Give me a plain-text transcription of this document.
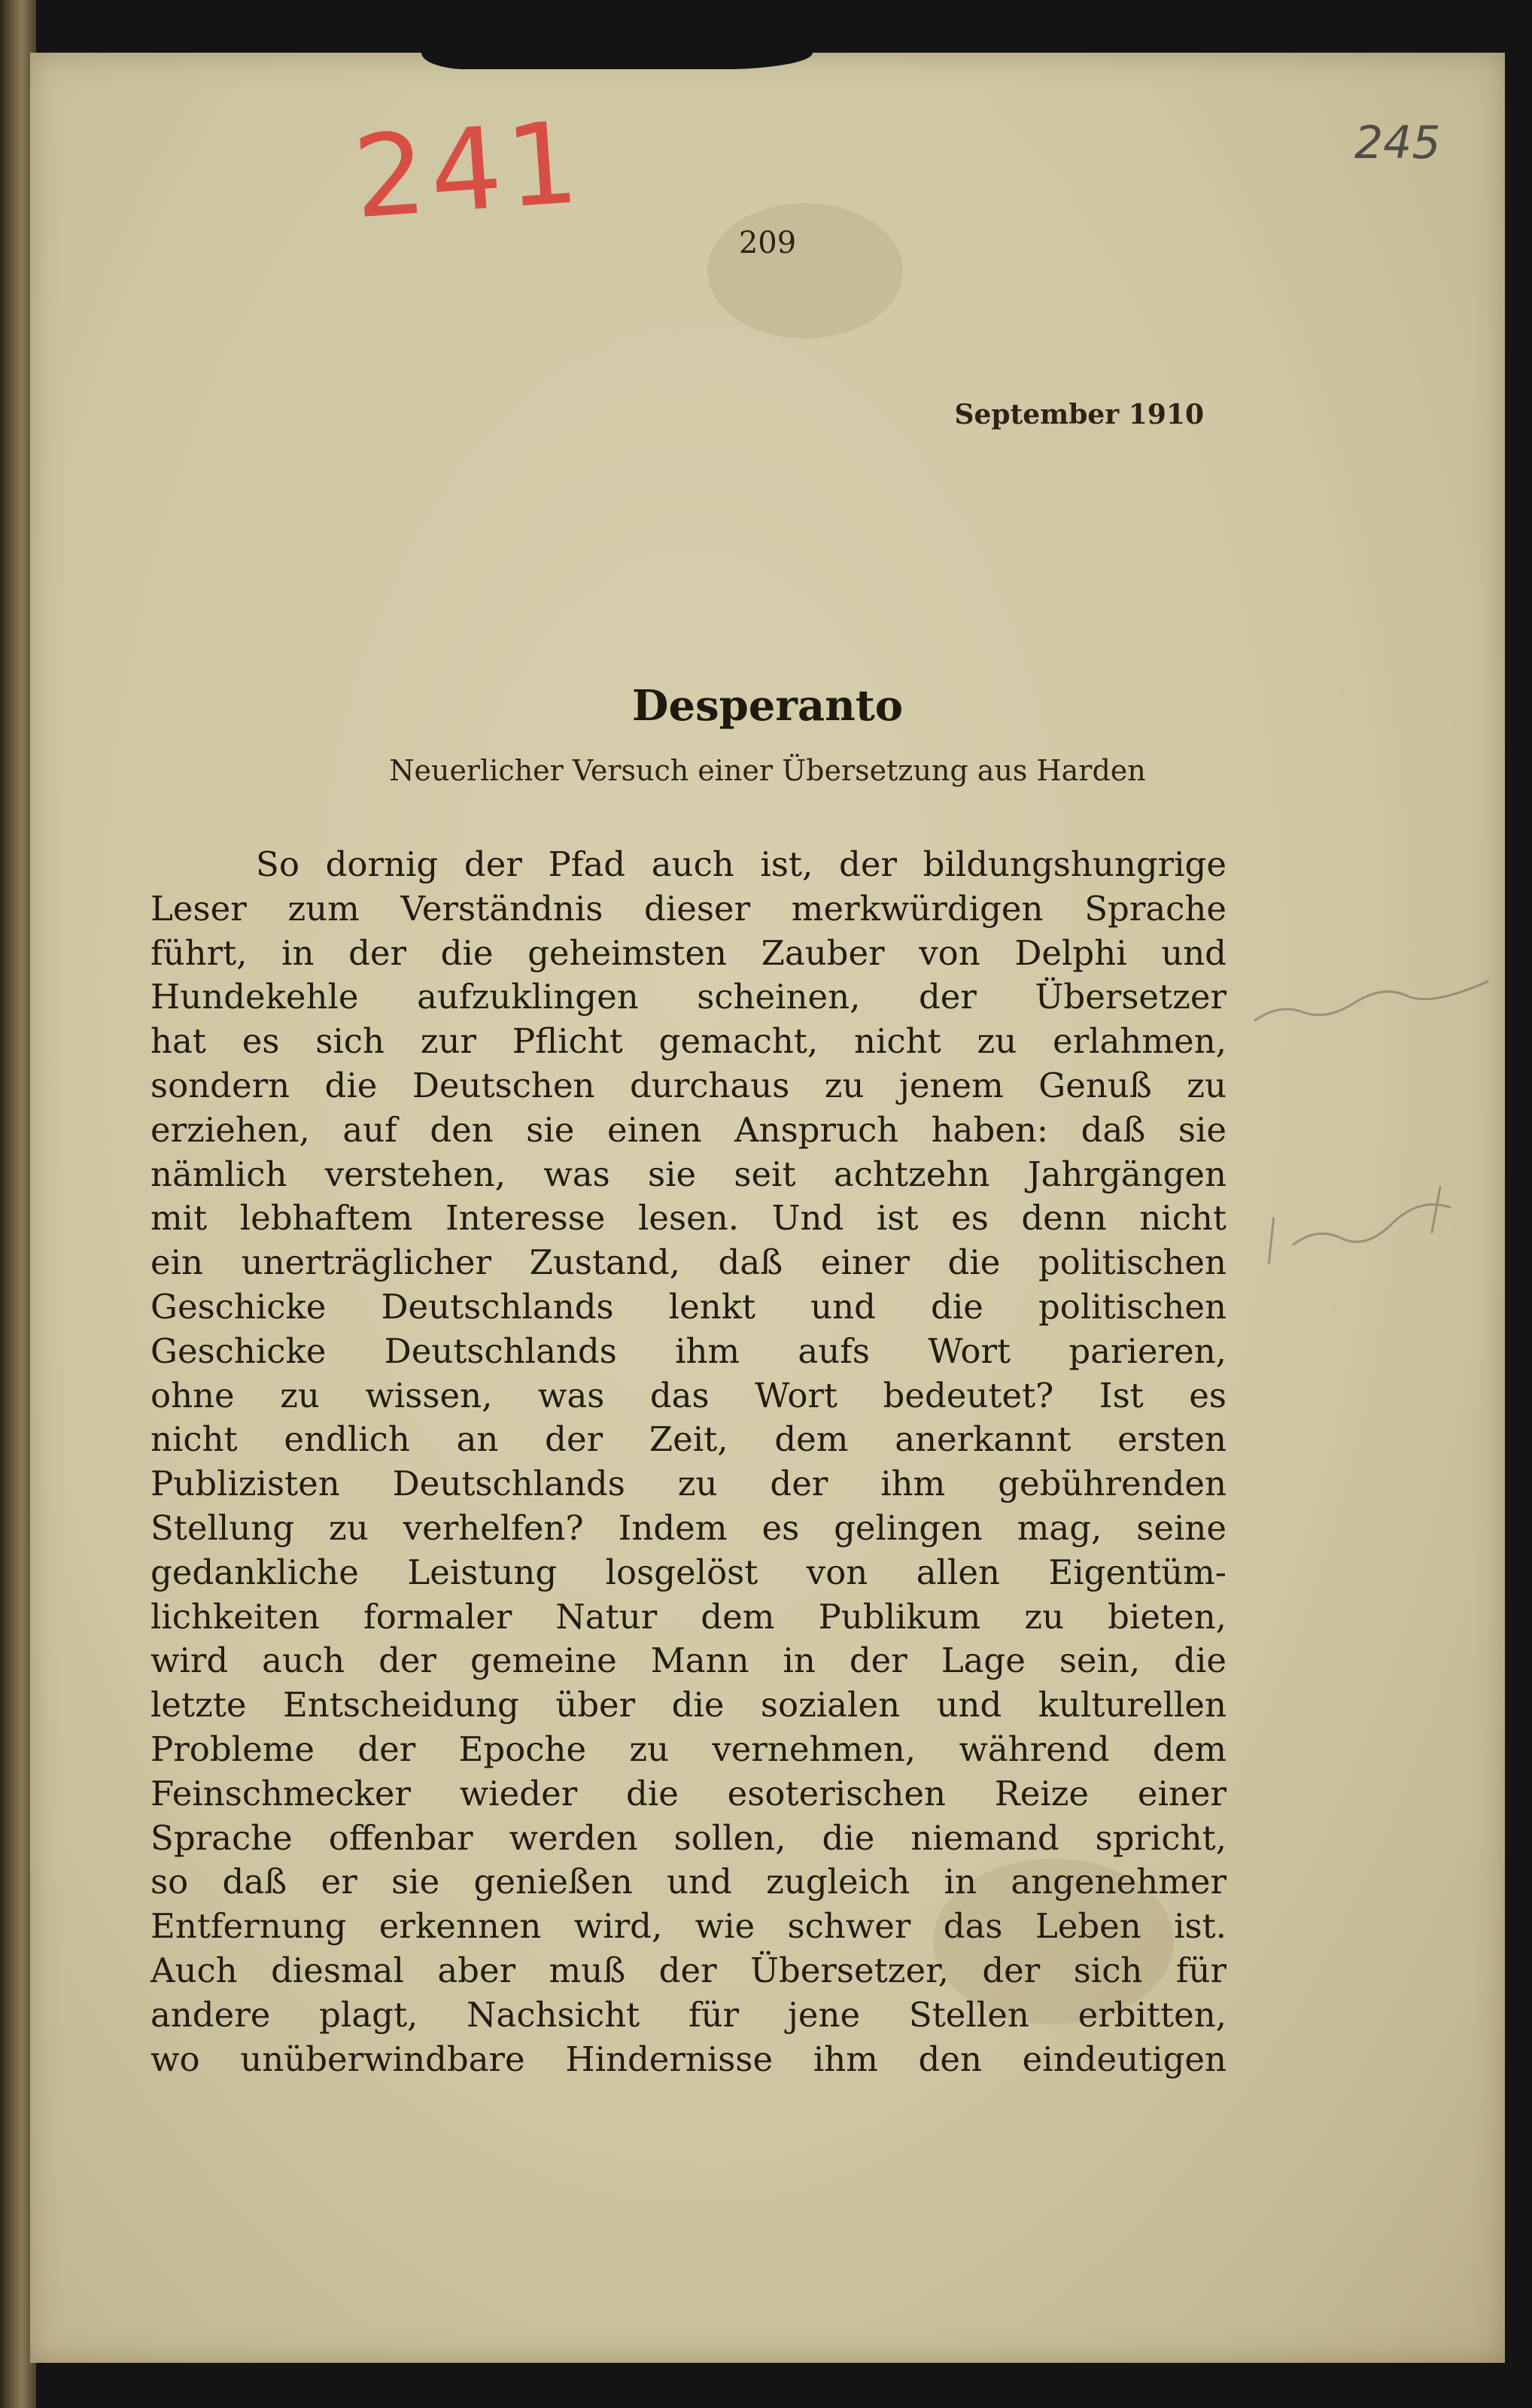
241	245
209
September 1910
Desperanto
Neuerlicher Versuch einer Übersetzung aus Harden
So dornig der Pfad auch ist, der bildungshungrige
Leser zum Verständnis dieser merkwürdigen Sprache
führt, in der die geheimsten Zauber von Delphi und
Hundekehle aufzuklingen scheinen, der Übersetzer
hat es sich zur Pflicht gemacht, nicht zu erlahmen,
sondern die Deutschen durchaus zu jenem Genuß zu
erziehen, auf den sie einen Anspruch haben: daß sie
nämlich verstehen, was sie seit achtzehn Jahrgängen
mit lebhaftem Interesse lesen. Und ist es denn nicht
ein unerträglicher Zustand, daß einer die politischen
Geschicke Deutschlands lenkt und die politischen
Geschicke Deutschlands ihm aufs Wort parieren,
ohne zu wissen, was das Wort bedeutet? Ist es
nicht endlich an der Zeit, dem anerkannt ersten
Publizisten Deutschlands zu der ihm gebührenden
Stellung zu verhelfen? Indem es gelingen mag, seine
gedankliche Leistung losgelöst von allen Eigentüm-
lichkeiten formaler Natur dem Publikum zu bieten,
wird auch der gemeine Mann in der Lage sein, die
letzte Entscheidung über die sozialen und kulturellen
Probleme der Epoche zu vernehmen, während dem
Feinschmecker wieder die esoterischen Reize einer
Sprache offenbar werden sollen, die niemand spricht,
so daß er sie genießen und zugleich in angenehmer
Entfernung erkennen wird, wie schwer das Leben ist.
Auch diesmal aber muß der Übersetzer, der sich für
andere plagt, Nachsicht für jene Stellen erbitten,
wo unüberwindbare Hindernisse ihm den eindeutigen
